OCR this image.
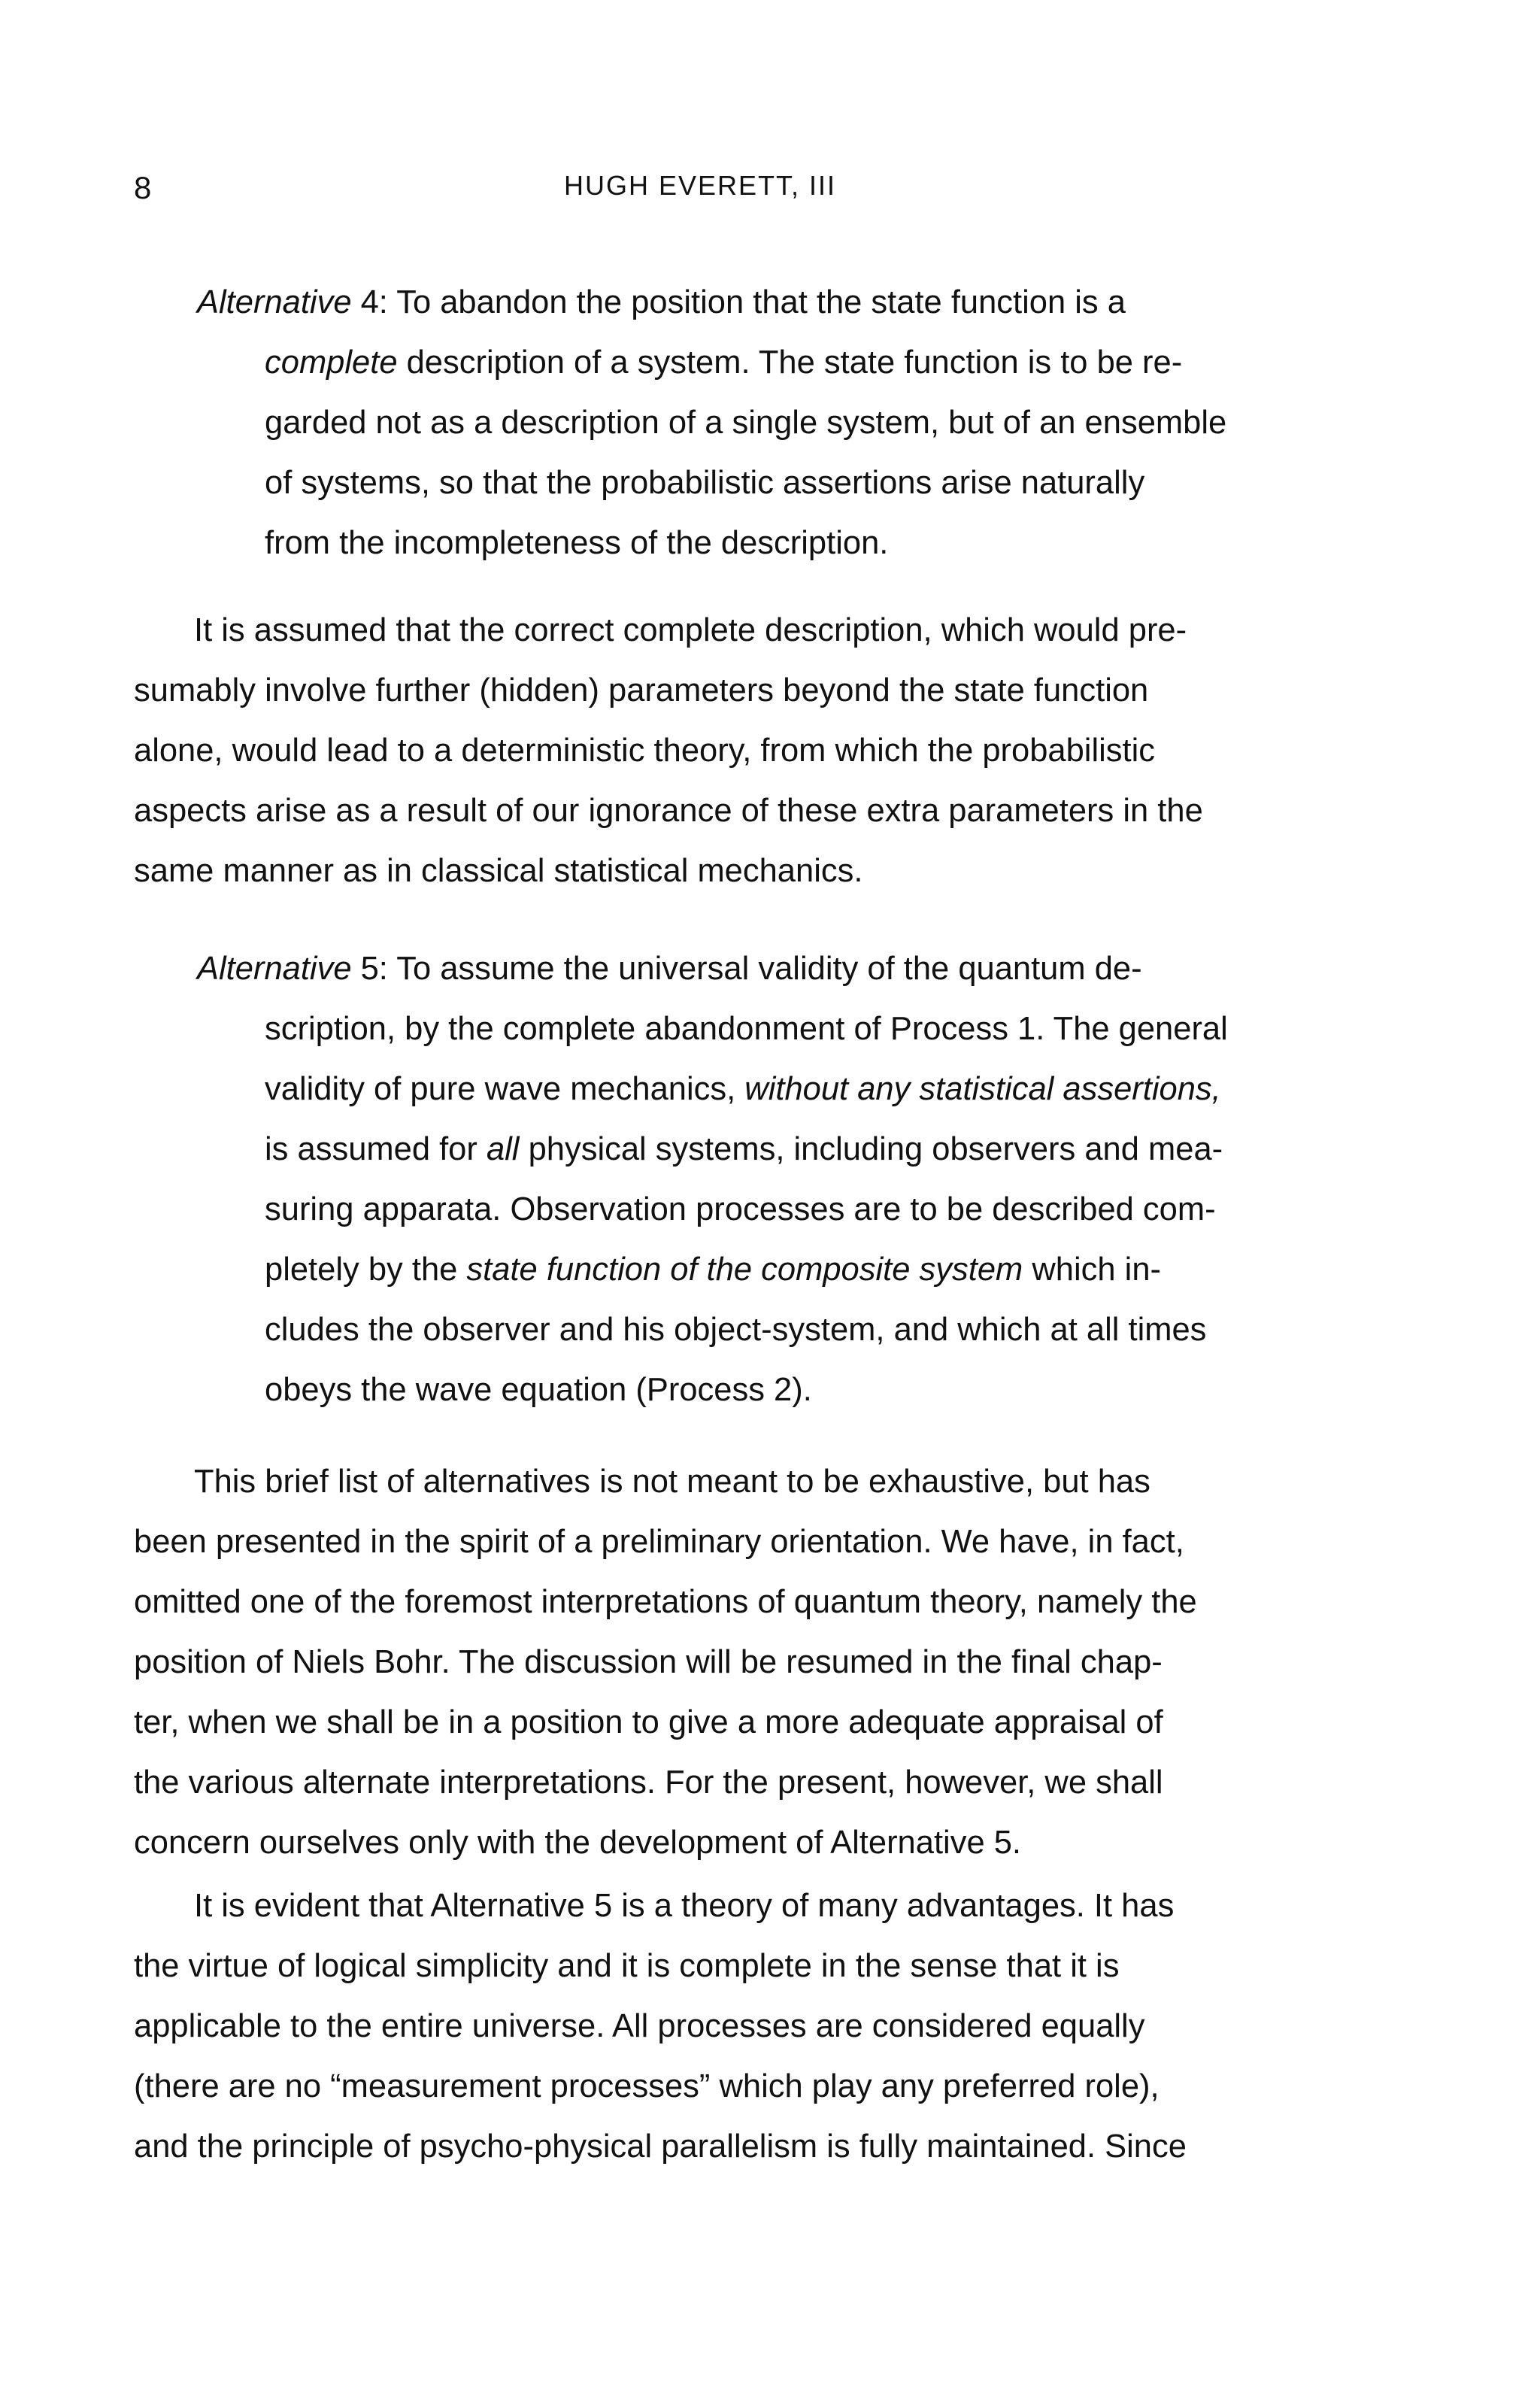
8	HUGH EVERETT, III
Alternative 4: To abandon the position that the state function is a
complete description of a system. The state function is to be re-
garded not as a description of a single system, but of an ensemble
of systems, so that the probabilistic assertions arise naturally
from the incompleteness of the description.
It is assumed that the correct complete description, which would pre-
sumably involve further (hidden) parameters beyond the state function
alone, would lead to a deterministic theory, from which the probabilistic
aspects arise as a result of our ignorance of these extra parameters in the
same manner as in classical statistical mechanics.
Alternative 5: To assume the universal validity of the quantum de-
scription, by the complete abandonment of Process 1. The general
validity of pure wave mechanics, without any statistical assertions,
is assumed for all physical systems, including observers and mea-
suring apparata. Observation processes are to be described com-
pletely by the state function of the composite system which in-
cludes the observer and his object-system, and which at all times
obeys the wave equation (Process 2).
This brief list of alternatives is not meant to be exhaustive, but has
been presented in the spirit of a preliminary orientation. We have, in fact,
omitted one of the foremost interpretations of quantum theory, namely the
position of Niels Bohr. The discussion will be resumed in the final chap-
ter, when we shall be in a position to give a more adequate appraisal of
the various alternate interpretations. For the present, however, we shall
concern ourselves only with the development of Alternative 5.
It is evident that Alternative 5 is a theory of many advantages. It has
the virtue of logical simplicity and it is complete in the sense that it is
applicable to the entire universe. All processes are considered equally
(there are no “measurement processes” which play any preferred role),
and the principle of psycho-physical parallelism is fully maintained. Since
